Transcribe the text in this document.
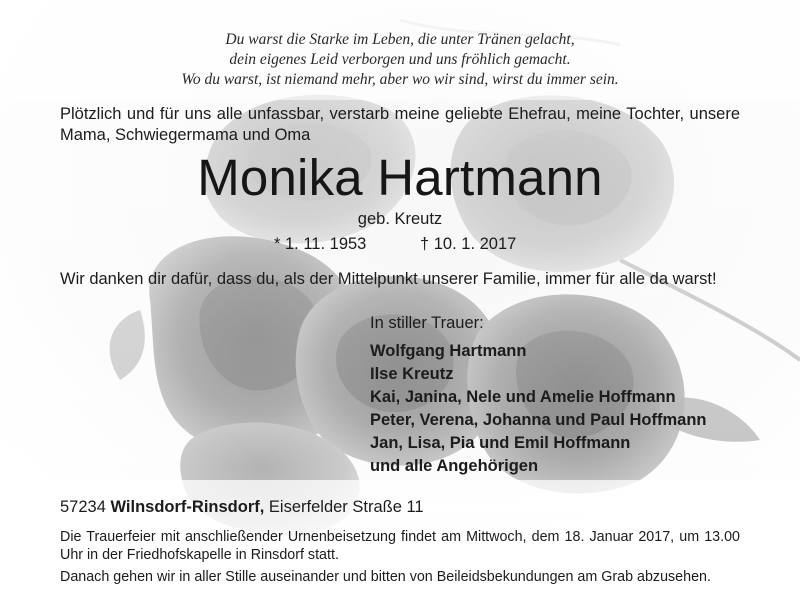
Du warst die Starke im Leben, die unter Tränen gelacht,
dein eigenes Leid verborgen und uns fröhlich gemacht.
Wo du warst, ist niemand mehr, aber wo wir sind, wirst du immer sein.
Plötzlich und für uns alle unfassbar, verstarb meine geliebte Ehefrau, meine Tochter, unsere Mama, Schwiegermama und Oma
Monika Hartmann
geb. Kreutz
* 1. 11. 1953	† 10. 1. 2017
Wir danken dir dafür, dass du, als der Mittelpunkt unserer Familie, immer für alle da warst!
In stiller Trauer:
Wolfgang Hartmann
Ilse Kreutz
Kai, Janina, Nele und Amelie Hoffmann
Peter, Verena, Johanna und Paul Hoffmann
Jan, Lisa, Pia und Emil Hoffmann
und alle Angehörigen
57234 Wilnsdorf-Rinsdorf, Eiserfelder Straße 11
Die Trauerfeier mit anschließender Urnenbeisetzung findet am Mittwoch, dem 18. Januar 2017, um 13.00 Uhr in der Friedhofskapelle in Rinsdorf statt.
Danach gehen wir in aller Stille auseinander und bitten von Beileidsbekundungen am Grab abzusehen.
